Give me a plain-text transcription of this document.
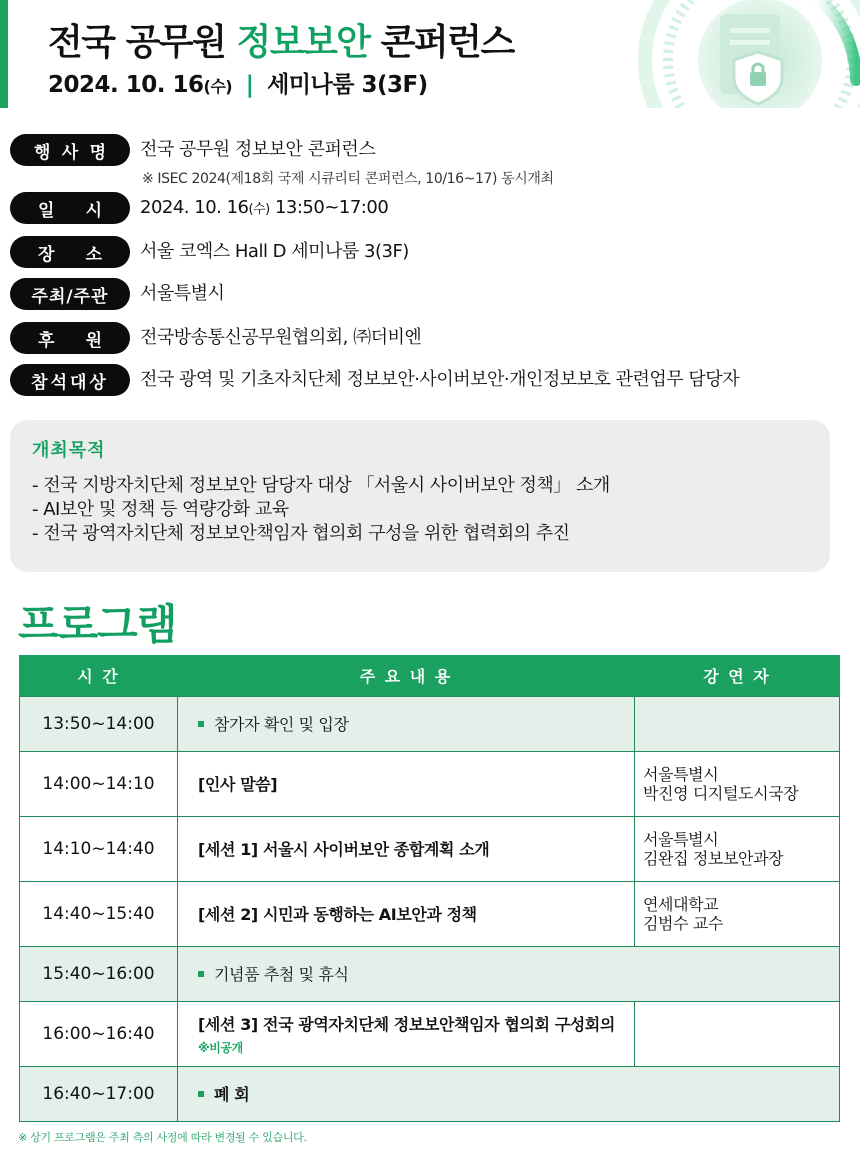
전국 공무원 정보보안 콘퍼런스
2024. 10. 16(수) | 세미나룸 3(3F)
행 사 명 전국 공무원 정보보안 콘퍼런스
※ ISEC 2024(제18회 국제 시큐리티 콘퍼런스, 10/16~17) 동시개최
일 시 2024. 10. 16(수) 13:50~17:00
장 소 서울 코엑스 Hall D 세미나룸 3(3F)
주최/주관	서울특별시
후 원 전국방송통신공무원협의회, ㈜더비엔
참석대상	전국 광역 및 기초자치단체 정보보안·사이버보안·개인정보보호 관련업무 담당자
개최목적
- 전국 지방자치단체 정보보안 담당자 대상 「서울시 사이버보안 정책」 소개
- AI보안 및 정책 등 역량강화 교육
- 전국 광역자치단체 정보보안책임자 협의회 구성을 위한 협력회의 추진
프로그램
시 간	주 요 내 용	강 연 자
13:50~14:00	참가자 확인 및 입장	
14:00~14:10	[인사 말씀]	서울특별시
박진영 디지털도시국장

14:10~14:40	[세션 1] 서울시 사이버보안 종합계획 소개	서울특별시
김완집 정보보안과장

14:40~15:40	[세션 2] 시민과 동행하는 AI보안과 정책	연세대학교
김범수 교수

15:40~16:00	기념품 추첨 및 휴식	
16:00~16:40	[세션 3] 전국 광역자치단체 정보보안책임자 협의회 구성회의
※비공개	

16:40~17:00	폐 회	
※ 상기 프로그램은 주최 측의 사정에 따라 변경될 수 있습니다.
